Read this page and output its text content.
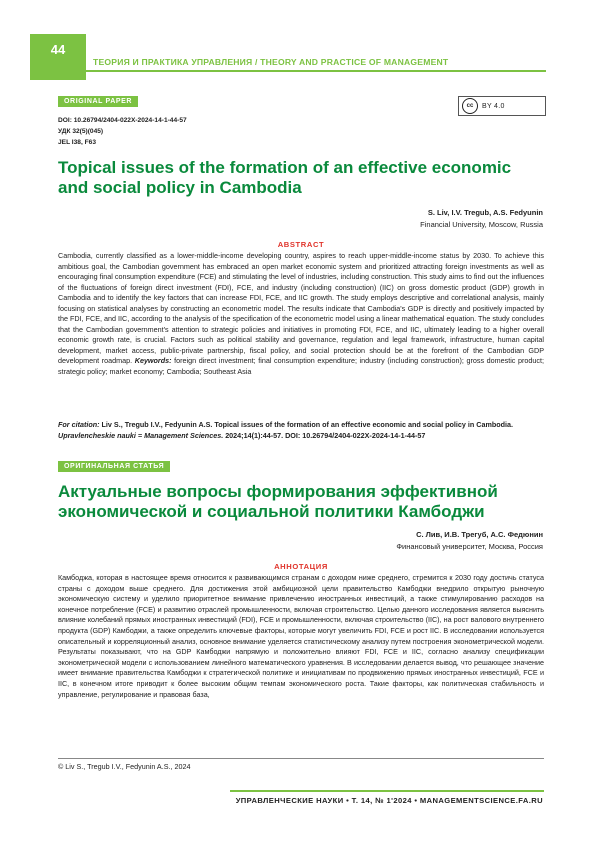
44
ТЕОРИЯ И ПРАКТИКА УПРАВЛЕНИЯ / THEORY AND PRACTICE OF MANAGEMENT
ORIGINAL PAPER
cc	BY 4.0
DOI: 10.26794/2404-022X-2024-14-1-44-57
УДК 32(5)(045)
JEL I38, F63
Topical issues of the formation of an effective economic
and social policy in Cambodia
S. Liv, I.V. Tregub, A.S. Fedyunin
Financial University, Moscow, Russia
ABSTRACT
Cambodia, currently classified as a lower-middle-income developing country, aspires to reach upper-middle-income status by 2030. To achieve this ambitious goal, the Cambodian government has embraced an open market economic system and prioritized attracting foreign investments as well as encouraging final consumption expenditure (FCE) and stimulating the level of industries, including construction. This study aims to find out the influences of the fluctuations of foreign direct investment (FDI), FCE, and industry (including construction) (IIC) on gross domestic product (GDP) growth in Cambodia and to identify the key factors that can increase FDI, FCE, and IIC growth. The study employs descriptive and correlational analysis, mainly focusing on statistical analyses by constructing an econometric model. The results indicate that Cambodia's GDP is directly and positively impacted by the FDI, FCE, and IIC, according to the analysis of the specification of the econometric model using a linear mathematical equation. The study concludes that the Cambodian government's attention to strategic policies and initiatives in promoting FDI, FCE, and IIC, ultimately leading to a higher overall economic growth rate, is crucial. Factors such as political stability and governance, regulation and legal framework, infrastructure, human capital development, market access, public-private partnership, fiscal policy, and social protection should be at the forefront of the Cambodian GDP development roadmap. Keywords: foreign direct investment; final consumption expenditure; industry (including construction); gross domestic product; strategic policy; market economy; Cambodia; Southeast Asia
For citation: Liv S., Tregub I.V., Fedyunin A.S. Topical issues of the formation of an effective economic and social policy in Cambodia. Upravlencheskie nauki = Management Sciences. 2024;14(1):44-57. DOI: 10.26794/2404-022X-2024-14-1-44-57
ОРИГИНАЛЬНАЯ СТАТЬЯ
Актуальные вопросы формирования эффективной
экономической и социальной политики Камбоджи
С. Лив, И.В. Трегуб, А.С. Федюнин
Финансовый университет, Москва, Россия
АННОТАЦИЯ
Камбоджа, которая в настоящее время относится к развивающимся странам с доходом ниже среднего, стремится к 2030 году достичь статуса страны с доходом выше среднего. Для достижения этой амбициозной цели правительство Камбоджи внедрило открытую рыночную экономическую систему и уделило приоритетное внимание привлечению иностранных инвестиций, а также стимулированию расходов на конечное потребление (FCE) и развитию отраслей промышленности, включая строительство. Целью данного исследования является выяснить влияние колебаний прямых иностранных инвестиций (FDI), FCE и промышленности, включая строительство (IIC), на рост валового внутреннего продукта (GDP) Камбоджи, а также определить ключевые факторы, которые могут увеличить FDI, FCE и рост IIC. В исследовании используется описательный и корреляционный анализ, основное внимание уделяется статистическому анализу путем построения эконометрической модели. Результаты показывают, что на GDP Камбоджи напрямую и положительно влияют FDI, FCE и IIC, согласно анализу спецификации эконометрической модели с использованием линейного математического уравнения. В исследовании делается вывод, что решающее значение имеет внимание правительства Камбоджи к стратегической политике и инициативам по продвижению прямых иностранных инвестиций, FCE и IIC, в конечном итоге приводит к более высоким общим темпам экономического роста. Такие факторы, как политическая стабильность и управление, регулирование и правовая база,
© Liv S., Tregub I.V., Fedyunin A.S., 2024
УПРАВЛЕНЧЕСКИЕ НАУКИ • Т. 14, № 1'2024 • MANAGEMENTSCIENCE.FA.RU
